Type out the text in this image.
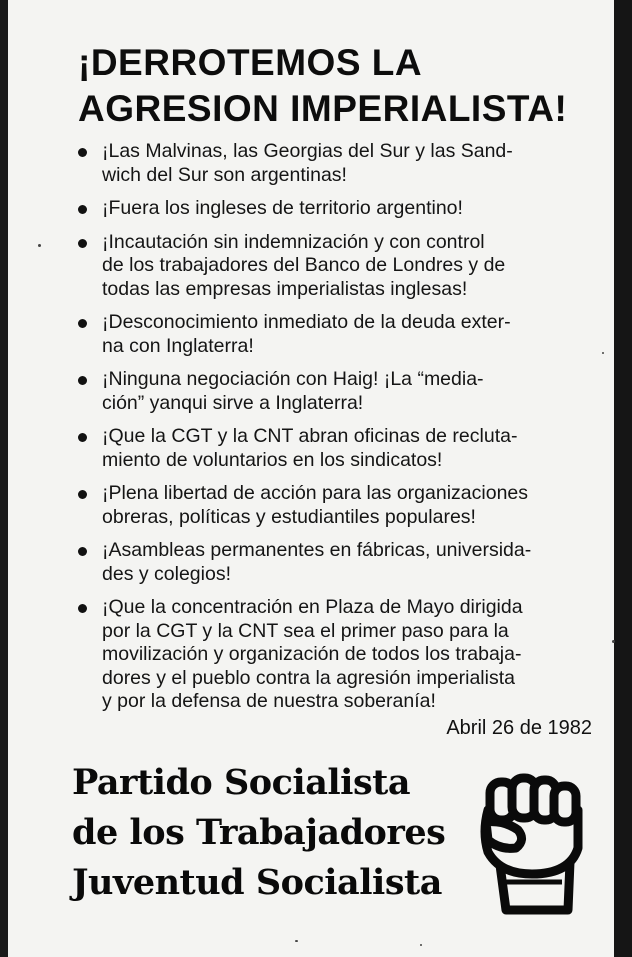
¡DERROTEMOS LA
AGRESION IMPERIALISTA!
¡Las Malvinas, las Georgias del Sur y las Sand-
wich del Sur son argentinas!
¡Fuera los ingleses de territorio argentino!
¡Incautación sin indemnización y con control
de los trabajadores del Banco de Londres y de
todas las empresas imperialistas inglesas!
¡Desconocimiento inmediato de la deuda exter-
na con Inglaterra!
¡Ninguna negociación con Haig! ¡La “media-
ción” yanqui sirve a Inglaterra!
¡Que la CGT y la CNT abran oficinas de recluta-
miento de voluntarios en los sindicatos!
¡Plena libertad de acción para las organizaciones
obreras, políticas y estudiantiles populares!
¡Asambleas permanentes en fábricas, universida-
des y colegios!
¡Que la concentración en Plaza de Mayo dirigida
por la CGT y la CNT sea el primer paso para la
movilización y organización de todos los trabaja-
dores y el pueblo contra la agresión imperialista
y por la defensa de nuestra soberanía!
Abril 26 de 1982
Partido Socialista
de los Trabajadores
Juventud Socialista
